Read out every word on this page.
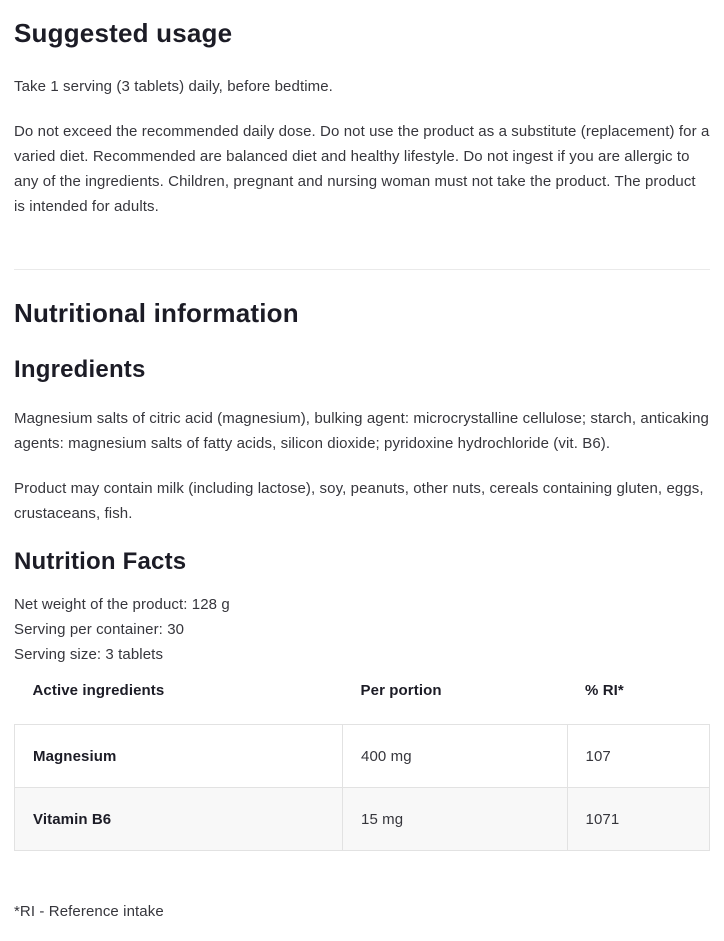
Suggested usage

Take 1 serving (3 tablets) daily, before bedtime.

Do not exceed the recommended daily dose. Do not use the product as a substitute (replacement) for a varied diet. Recommended are balanced diet and healthy lifestyle. Do not ingest if you are allergic to any of the ingredients. Children, pregnant and nursing woman must not take the product. The product is intended for adults.

Nutritional information
Ingredients

Magnesium salts of citric acid (magnesium), bulking agent: microcrystalline cellulose; starch, anticaking agents: magnesium salts of fatty acids, silicon dioxide; pyridoxine hydrochloride (vit. B6).

Product may contain milk (including lactose), soy, peanuts, other nuts, cereals containing gluten, eggs, crustaceans, fish.

Nutrition Facts

Net weight of the product: 128 g
Serving per container: 30
Serving size: 3 tablets

Active ingredients	Per portion	% RI*
Magnesium	400 mg	107
Vitamin B6	15 mg	1071

*RI - Reference intake
